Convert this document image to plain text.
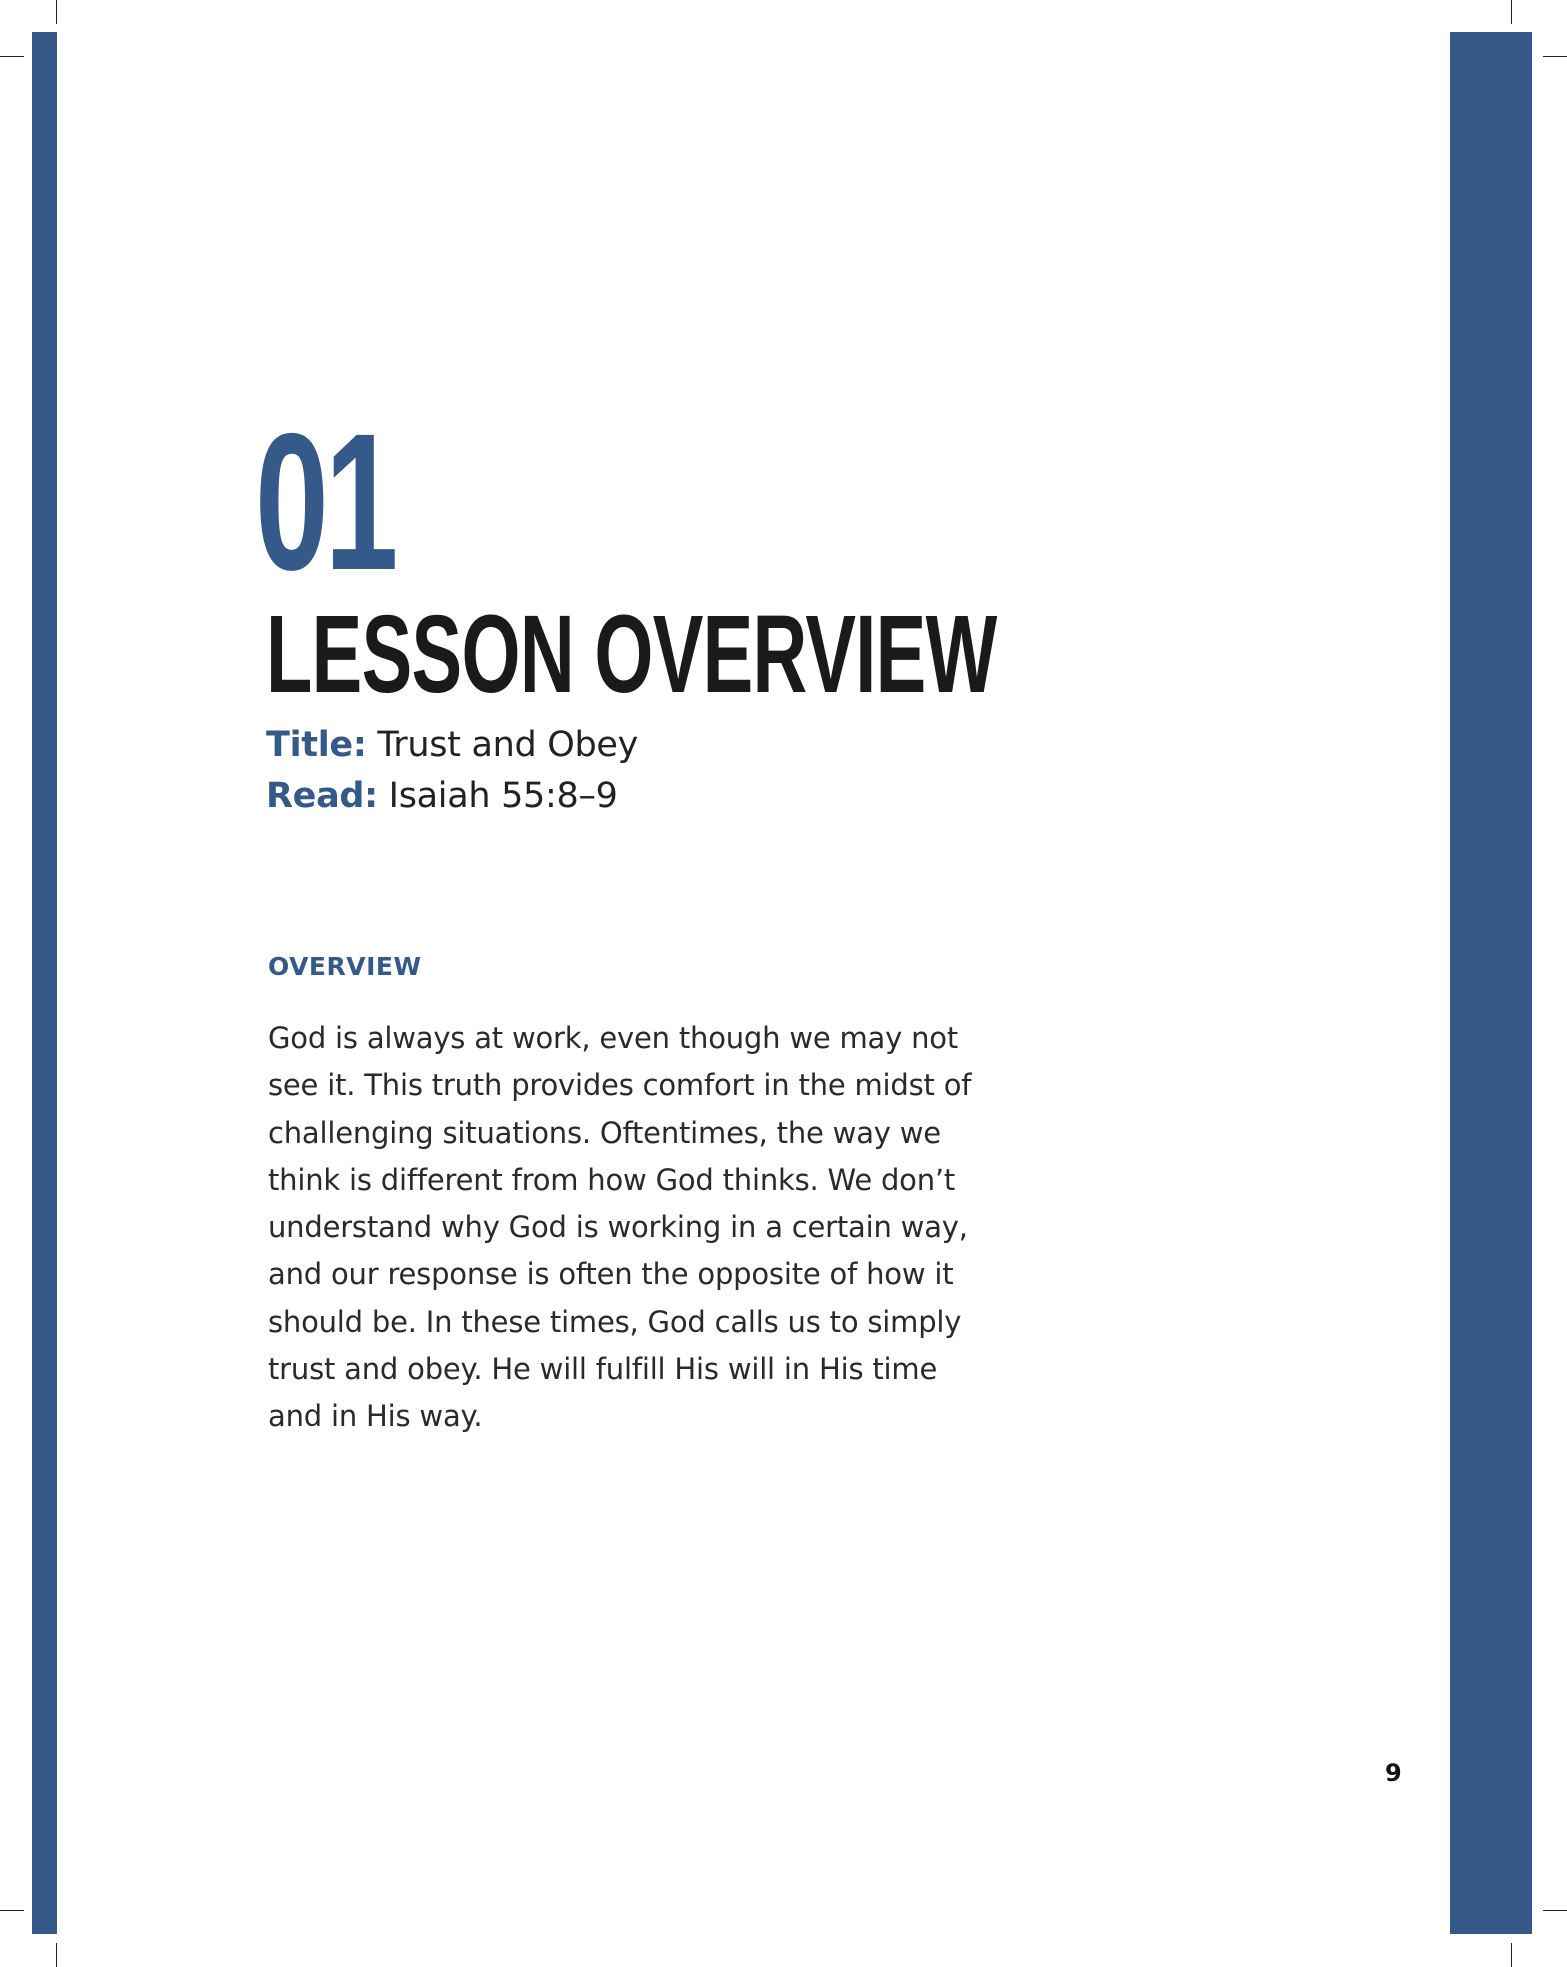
01
LESSON OVERVIEW
Title: Trust and Obey
Read: Isaiah 55:8–9
OVERVIEW

God is always at work, even though we may not
see it. This truth provides comfort in the midst of
challenging situations. Oftentimes, the way we
think is different from how God thinks. We don’t
understand why God is working in a certain way,
and our response is often the opposite of how it
should be. In these times, God calls us to simply
trust and obey. He will fulfill His will in His time
and in His way.

9
